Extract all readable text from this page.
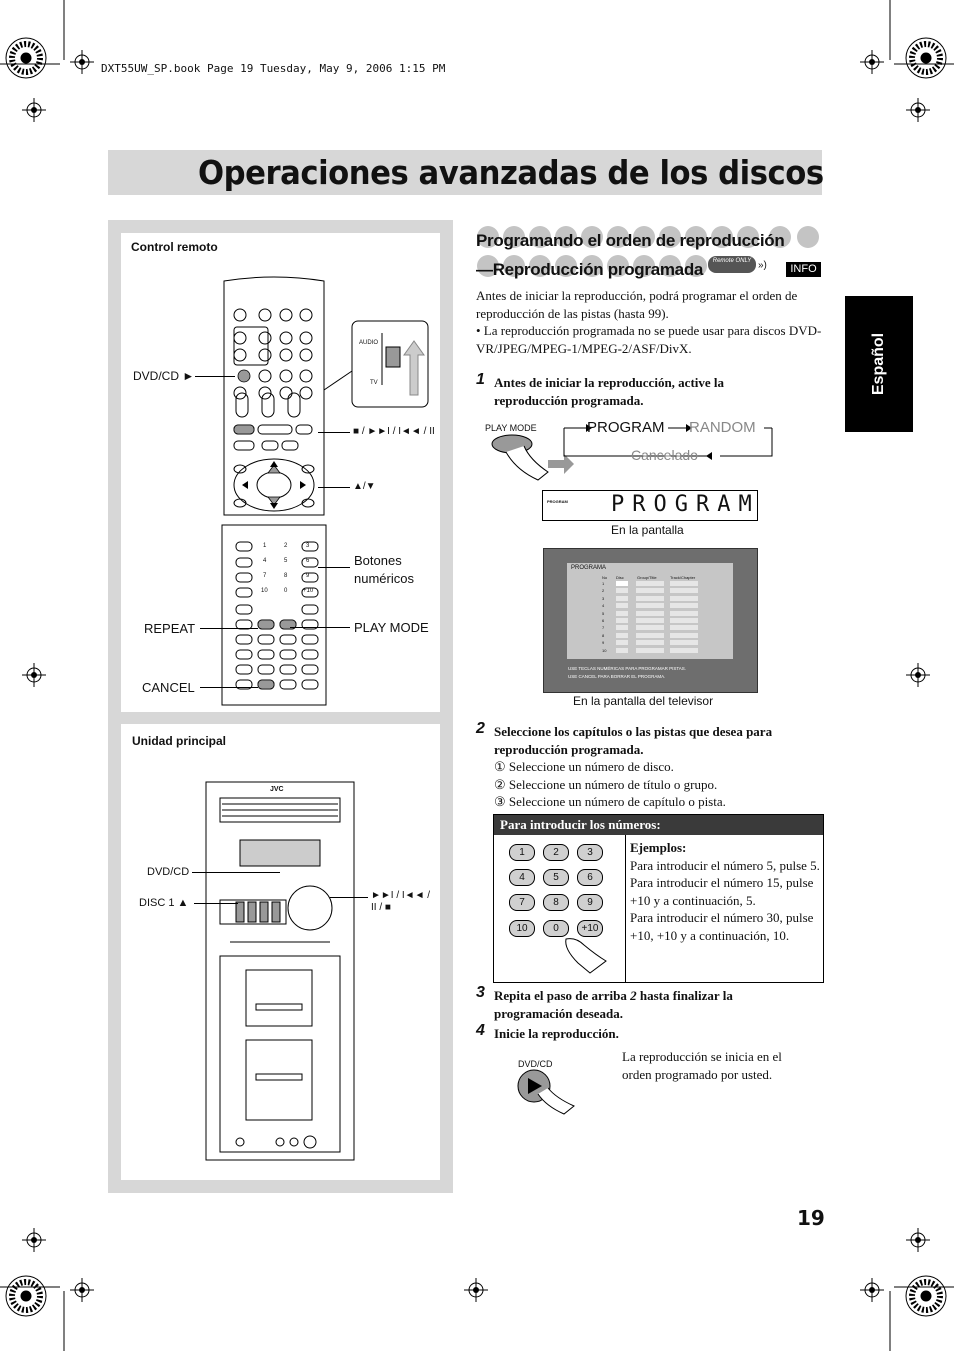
DXT55UW_SP.book Page 19 Tuesday, May 9, 2006 1:15 PM
Operaciones avanzadas de los discos
Español
Control remoto
AUDIO
TV
1	2	3
4	5	6
7	8	9
10	0	+10
DVD/CD ►
■ / ►►I / I◄◄ / II
▲/▼
Botones
numéricos
REPEAT	PLAY MODE
CANCEL
Unidad principal
JVC
DVD/CD
DISC 1 ▲
►►I / I◄◄ /
II / ■
Programando el orden de reproducción
—Reproducción programada	Remote ONLY »)	INFO
Antes de iniciar la reproducción, podrá programar el orden de reproducción de las pistas (hasta 99).
• La reproducción programada no se puede usar para discos DVD-VR/JPEG/MPEG-1/MPEG-2/ASF/DivX.
1 Antes de iniciar la reproducción, active la reproducción programada.
PLAY MODE	PROGRAM RANDOM
Cancelado
PROGRAM PROGRAM
En la pantalla
PROGRAMA
No Disc	Group/Title	Track/Chapter
1
2
3
4
5
6
7
8
9
10
USE TECLAS NUMÉRICAS PARA PROGRAMAR PISTAS.
USE CANCEL PARA BORRAR EL PROGRAMA.
En la pantalla del televisor
2 Seleccione los capítulos o las pistas que desea para reproducción programada.
① Seleccione un número de disco.
② Seleccione un número de título o grupo.
③ Seleccione un número de capítulo o pista.
Para introducir los números:
1	2	3
4	5	6
7	8	9
10	0	+10
Ejemplos:
Para introducir el número 5, pulse 5.
Para introducir el número 15, pulse +10 y a continuación, 5.
Para introducir el número 30, pulse +10, +10 y a continuación, 10.
3 Repita el paso de arriba 2 hasta finalizar la programación deseada.
4 Inicie la reproducción.
DVD/CD	La reproducción se inicia en el orden programado por usted.
19
